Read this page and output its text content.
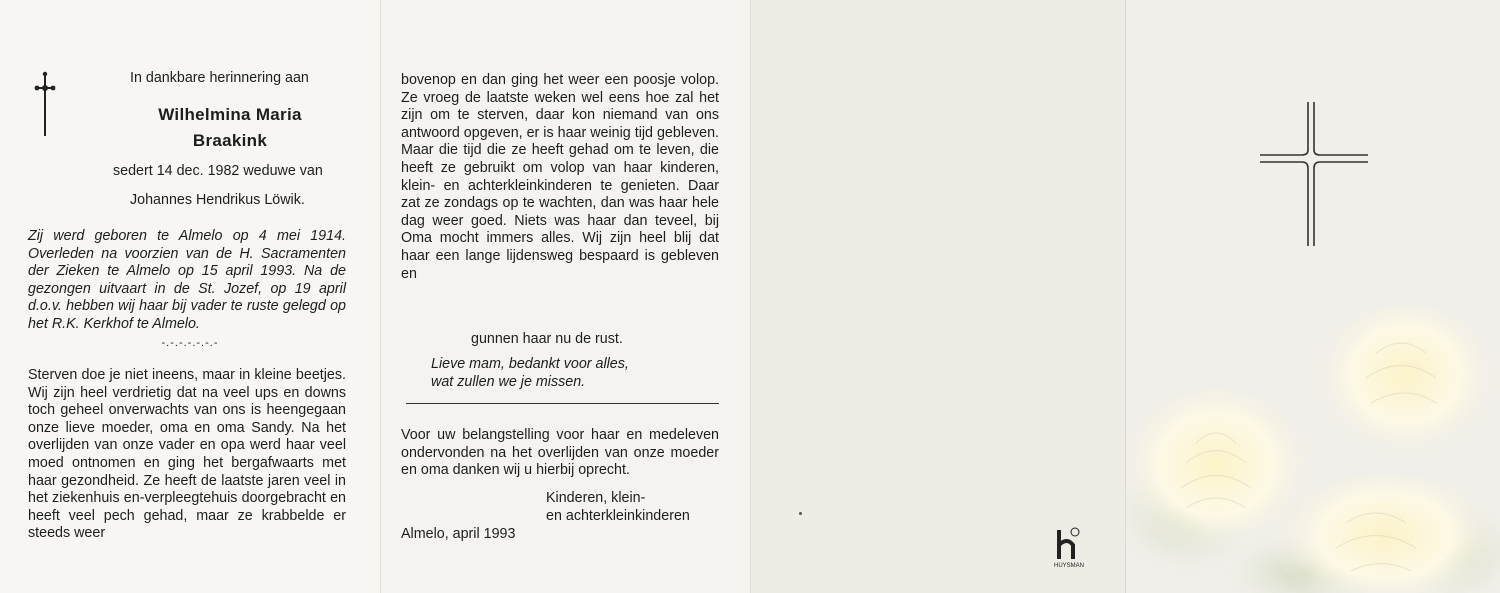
In dankbare herinnering aan
Wilhelmina Maria
Braakink
sedert 14 dec. 1982 weduwe van
Johannes Hendrikus Löwik.
Zij werd geboren te Almelo op 4 mei 1914. Overleden na voorzien van de H. Sacramenten der Zieken te Almelo op 15 april 1993. Na de gezongen uitvaart in de St. Jozef, op 19 april d.o.v. hebben wij haar bij vader te ruste gelegd op het R.K. Kerkhof te Almelo.
-.-.-.-.-.-.-
Sterven doe je niet ineens, maar in kleine beetjes. Wij zijn heel verdrietig dat na veel ups en downs toch geheel onverwachts van ons is heengegaan onze lieve moeder, oma en oma Sandy. Na het overlijden van onze vader en opa werd haar veel moed ontnomen en ging het bergafwaarts met haar gezondheid. Ze heeft de laatste jaren veel in het ziekenhuis en-verpleegtehuis doorgebracht en heeft veel pech gehad, maar ze krabbelde er steeds weer
bovenop en dan ging het weer een poosje volop. Ze vroeg de laatste weken wel eens hoe zal het zijn om te sterven, daar kon niemand van ons antwoord opgeven, er is haar weinig tijd gebleven. Maar die tijd die ze heeft gehad om te leven, die heeft ze gebruikt om volop van haar kinderen, klein- en achterkleinkinderen te genieten. Daar zat ze zondags op te wachten, dan was haar hele dag weer goed. Niets was haar dan teveel, bij Oma mocht immers alles. Wij zijn heel blij dat haar een lange lijdensweg bespaard is gebleven en
gunnen haar nu de rust.
Lieve mam, bedankt voor alles,
wat zullen we je missen.
Voor uw belangstelling voor haar en medeleven ondervonden na het overlijden van onze moeder en oma danken wij u hierbij oprecht.
Kinderen, klein-
en achterkleinkinderen
Almelo, april 1993
HUYSMAN
